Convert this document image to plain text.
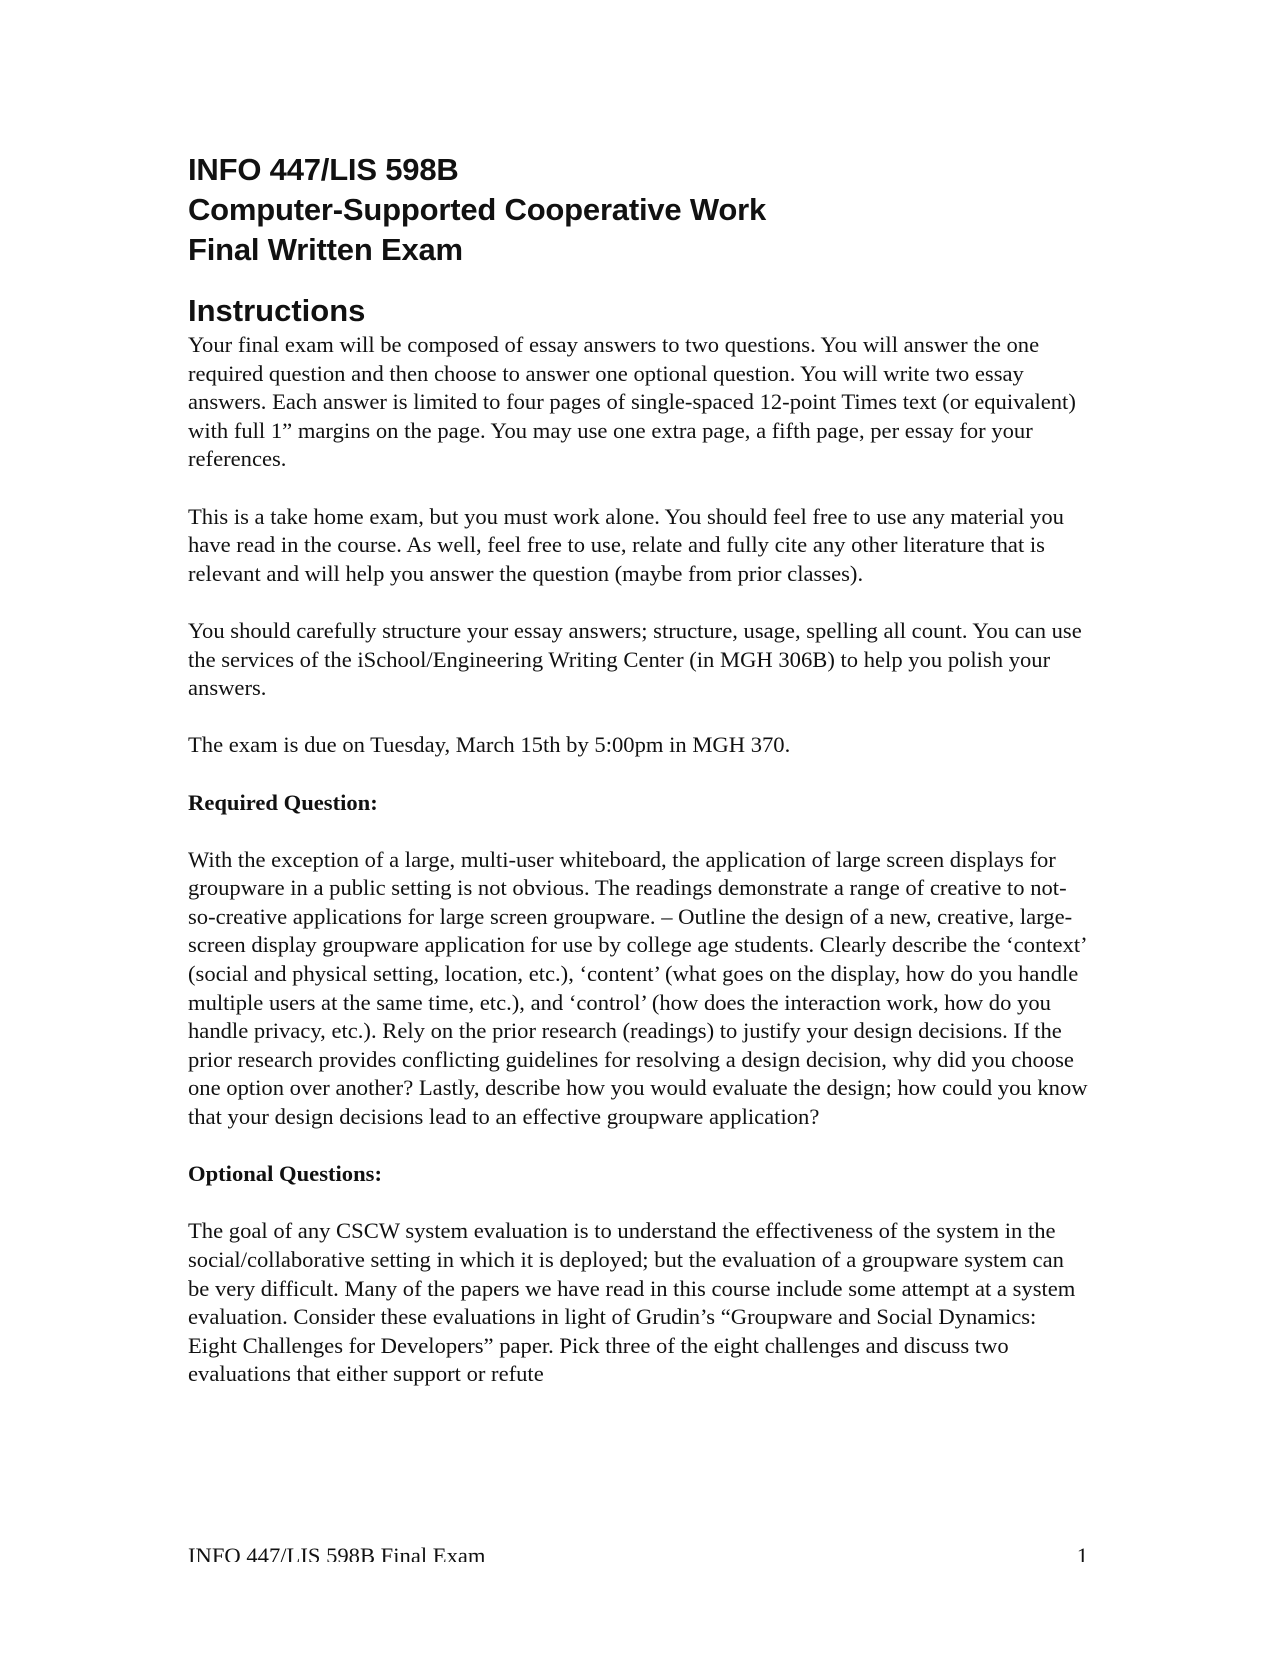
INFO 447/LIS 598B
Computer-Supported Cooperative Work
Final Written Exam
Instructions

Your final exam will be composed of essay answers to two questions. You will answer the one required question and then choose to answer one optional question. You will write two essay answers. Each answer is limited to four pages of single-spaced 12-point Times text (or equivalent) with full 1” margins on the page. You may use one extra page, a fifth page, per essay for your references.

This is a take home exam, but you must work alone. You should feel free to use any material you have read in the course. As well, feel free to use, relate and fully cite any other literature that is relevant and will help you answer the question (maybe from prior classes).

You should carefully structure your essay answers; structure, usage, spelling all count. You can use the services of the iSchool/Engineering Writing Center (in MGH 306B) to help you polish your answers.

The exam is due on Tuesday, March 15th by 5:00pm in MGH 370.

Required Question:

With the exception of a large, multi-user whiteboard, the application of large screen displays for groupware in a public setting is not obvious. The readings demonstrate a range of creative to not-so-creative applications for large screen groupware. – Outline the design of a new, creative, large-screen display groupware application for use by college age students. Clearly describe the ‘context’ (social and physical setting, location, etc.), ‘content’ (what goes on the display, how do you handle multiple users at the same time, etc.), and ‘control’ (how does the interaction work, how do you handle privacy, etc.). Rely on the prior research (readings) to justify your design decisions. If the prior research provides conflicting guidelines for resolving a design decision, why did you choose one option over another? Lastly, describe how you would evaluate the design; how could you know that your design decisions lead to an effective groupware application?

Optional Questions:

The goal of any CSCW system evaluation is to understand the effectiveness of the system in the social/collaborative setting in which it is deployed; but the evaluation of a groupware system can be very difficult. Many of the papers we have read in this course include some attempt at a system evaluation. Consider these evaluations in light of Grudin’s “Groupware and Social Dynamics: Eight Challenges for Developers” paper. Pick three of the eight challenges and discuss two evaluations that either support or refute

INFO 447/LIS 598B Final Exam	1
